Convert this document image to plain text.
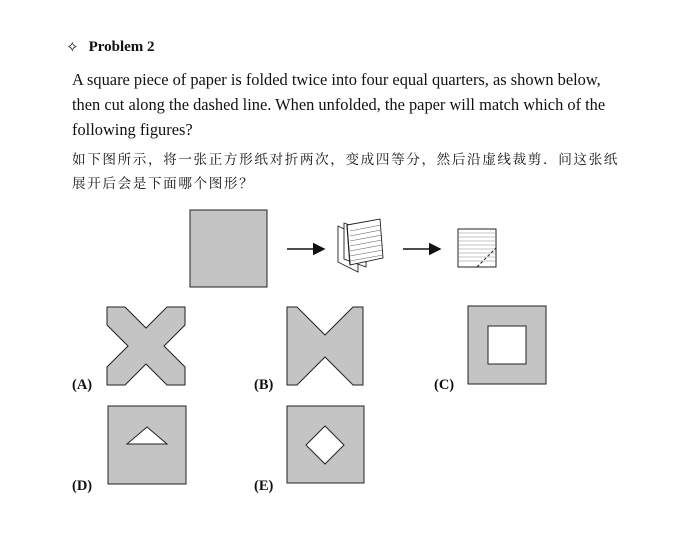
✧ Problem 2

A square piece of paper is folded twice into four equal quarters, as shown below, then cut along the dashed line. When unfolded, the paper will match which of the following figures?

如下图所示，将一张正方形纸对折两次，变成四等分，然后沿虚线裁剪．问这张纸展开后会是下面哪个图形？

(A)	(B)	(C)
(D)	(E)
